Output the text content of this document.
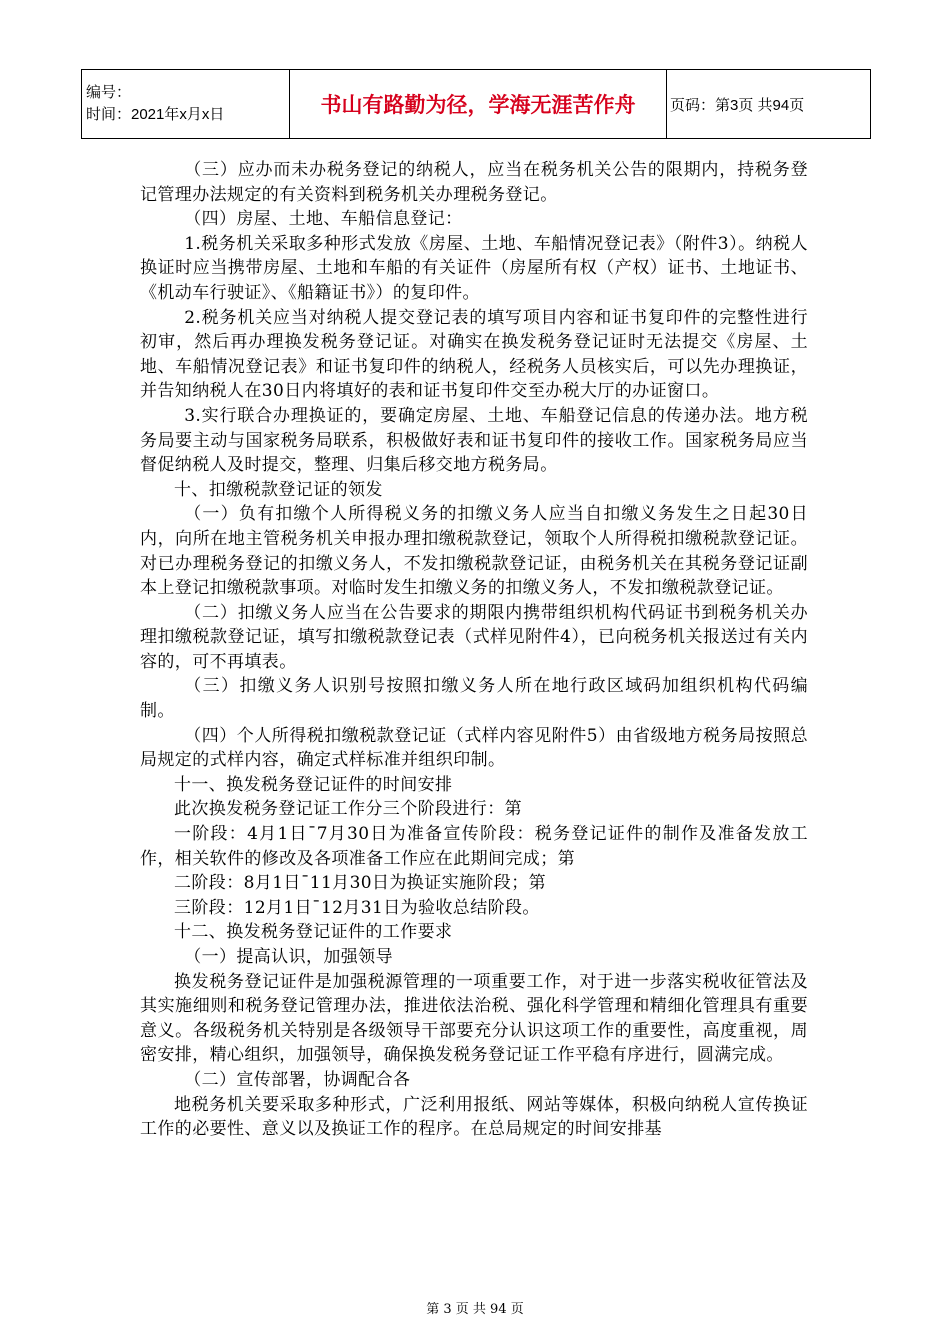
编号：
时间：2021年x月x日	书山有路勤为径，学海无涯苦作舟	页码：第3页 共94页

（三）应办而未办税务登记的纳税人，应当在税务机关公告的限期内，持税务登记管理办法规定的有关资料到税务机关办理税务登记。

（四）房屋、土地、车船信息登记：

1.税务机关采取多种形式发放《房屋、土地、车船情况登记表》（附件3）。纳税人换证时应当携带房屋、土地和车船的有关证件（房屋所有权（产权）证书、土地证书、《机动车行驶证》、《船籍证书》）的复印件。

2.税务机关应当对纳税人提交登记表的填写项目内容和证书复印件的完整性进行初审，然后再办理换发税务登记证。对确实在换发税务登记证时无法提交《房屋、土地、车船情况登记表》和证书复印件的纳税人，经税务人员核实后，可以先办理换证，并告知纳税人在30日内将填好的表和证书复印件交至办税大厅的办证窗口。

3.实行联合办理换证的，要确定房屋、土地、车船登记信息的传递办法。地方税务局要主动与国家税务局联系，积极做好表和证书复印件的接收工作。国家税务局应当督促纳税人及时提交，整理、归集后移交地方税务局。

十、扣缴税款登记证的领发

（一）负有扣缴个人所得税义务的扣缴义务人应当自扣缴义务发生之日起30日内，向所在地主管税务机关申报办理扣缴税款登记，领取个人所得税扣缴税款登记证。对已办理税务登记的扣缴义务人，不发扣缴税款登记证，由税务机关在其税务登记证副本上登记扣缴税款事项。对临时发生扣缴义务的扣缴义务人，不发扣缴税款登记证。

（二）扣缴义务人应当在公告要求的期限内携带组织机构代码证书到税务机关办理扣缴税款登记证，填写扣缴税款登记表（式样见附件4），已向税务机关报送过有关内容的，可不再填表。

（三）扣缴义务人识别号按照扣缴义务人所在地行政区域码加组织机构代码编制。

（四）个人所得税扣缴税款登记证（式样内容见附件5）由省级地方税务局按照总局规定的式样内容，确定式样标准并组织印制。

十一、换发税务登记证件的时间安排

此次换发税务登记证工作分三个阶段进行：第

一阶段：4月1日¯7月30日为准备宣传阶段：税务登记证件的制作及准备发放工作，相关软件的修改及各项准备工作应在此期间完成；第

二阶段：8月1日¯11月30日为换证实施阶段；第

三阶段：12月1日¯12月31日为验收总结阶段。

十二、换发税务登记证件的工作要求

（一）提高认识，加强领导

换发税务登记证件是加强税源管理的一项重要工作，对于进一步落实税收征管法及其实施细则和税务登记管理办法，推进依法治税、强化科学管理和精细化管理具有重要意义。各级税务机关特别是各级领导干部要充分认识这项工作的重要性，高度重视，周密安排，精心组织，加强领导，确保换发税务登记证工作平稳有序进行，圆满完成。

（二）宣传部署，协调配合各

地税务机关要采取多种形式，广泛利用报纸、网站等媒体，积极向纳税人宣传换证工作的必要性、意义以及换证工作的程序。在总局规定的时间安排基

第 3 页 共 94 页
